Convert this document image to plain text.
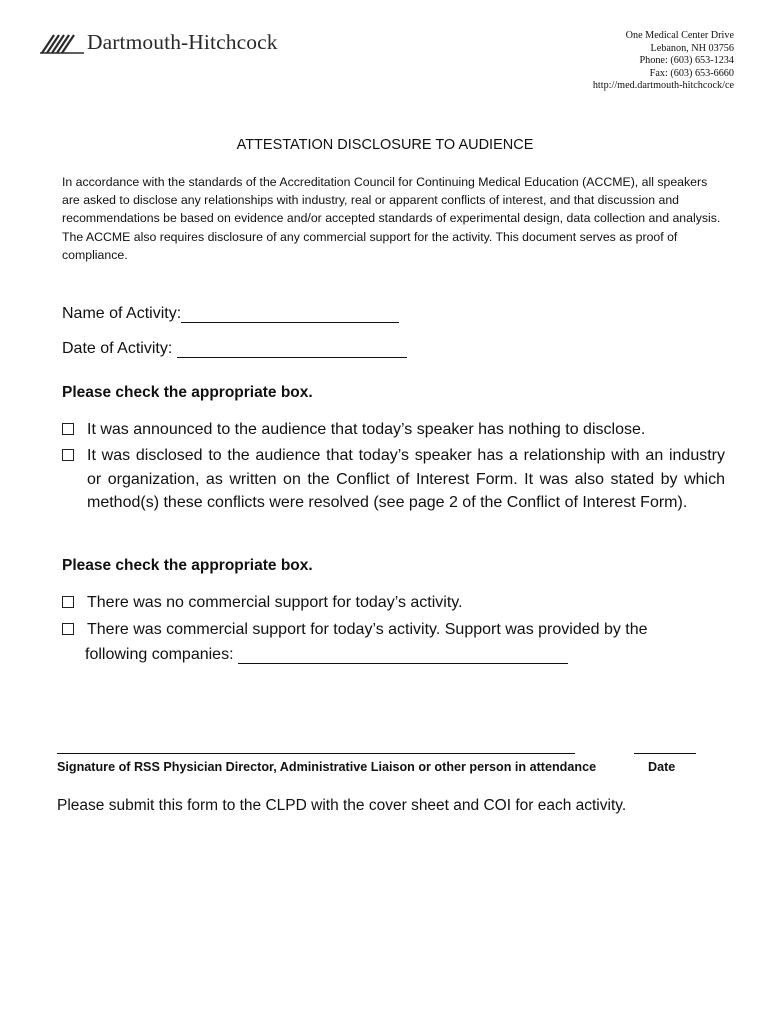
Dartmouth-Hitchcock	One Medical Center Drive
Lebanon, NH 03756
Phone: (603) 653-1234
Fax: (603) 653-6660
http://med.dartmouth-hitchcock/ce
ATTESTATION DISCLOSURE TO AUDIENCE
In accordance with the standards of the Accreditation Council for Continuing Medical Education (ACCME), all speakers are asked to disclose any relationships with industry, real or apparent conflicts of interest, and that discussion and recommendations be based on evidence and/or accepted standards of experimental design, data collection and analysis. The ACCME also requires disclosure of any commercial support for the activity. This document serves as proof of compliance.
Name of Activity:
Date of Activity:
Please check the appropriate box.
It was announced to the audience that today’s speaker has nothing to disclose.
It was disclosed to the audience that today’s speaker has a relationship with an industry or organization, as written on the Conflict of Interest Form. It was also stated by which method(s) these conflicts were resolved (see page 2 of the Conflict of Interest Form).
Please check the appropriate box.
There was no commercial support for today’s activity.
There was commercial support for today’s activity. Support was provided by the
following companies:
Signature of RSS Physician Director, Administrative Liaison or other person in attendance	Date
Please submit this form to the CLPD with the cover sheet and COI for each activity.
